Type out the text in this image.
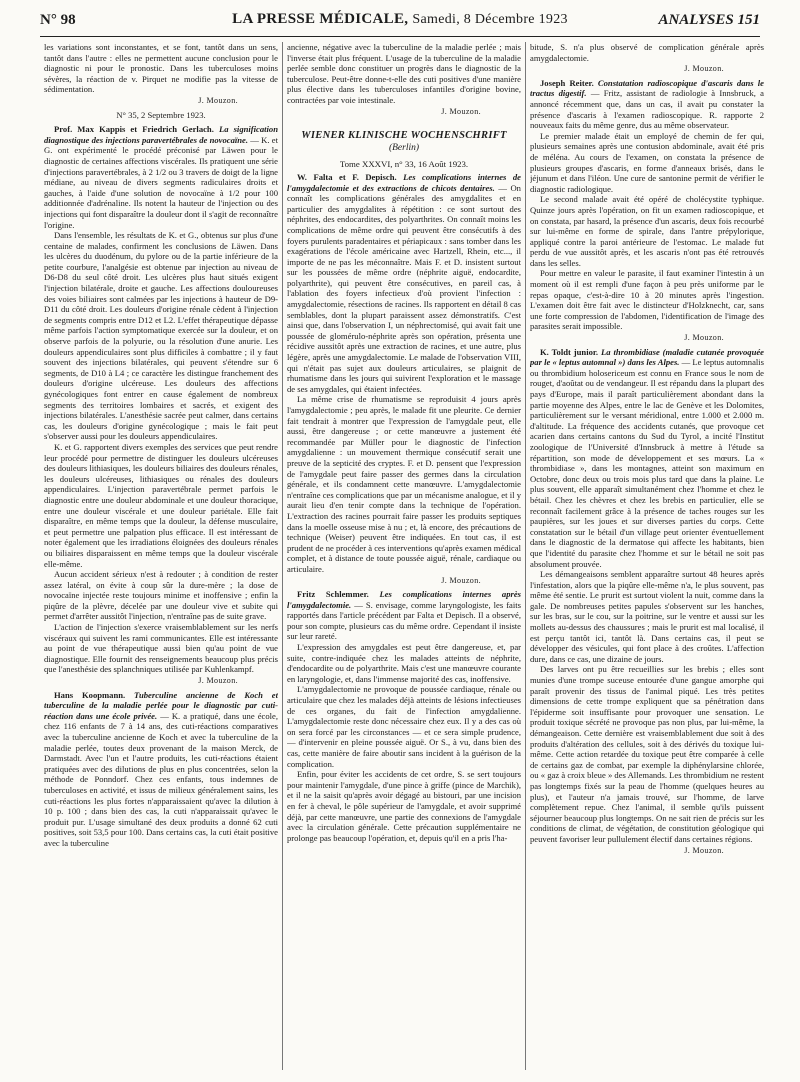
N° 98	LA PRESSE MÉDICALE, Samedi, 8 Décembre 1923	ANALYSES 151

les variations sont inconstantes, et se font, tantôt dans un sens, tantôt dans l'autre : elles ne permettent aucune conclusion pour le diagnostic ni pour le pronostic. Dans les tuberculoses moins sévères, la réaction de v. Pirquet ne modifie pas la vitesse de sédimentation.

J. Mouzon.
N° 35, 2 Septembre 1923.

Prof. Max Kappis et Friedrich Gerlach. La signification diagnostique des injections paravertébrales de novocaïne. — K. et G. ont expérimenté le procédé préconisé par Läwen pour le diagnostic de certaines affections viscérales. Ils pratiquent une série d'injections paravertébrales, à 2 1/2 ou 3 travers de doigt de la ligne médiane, au niveau de divers segments radiculaires droits et gauches, à l'aide d'une solution de novocaïne à 1/2 pour 100 additionnée d'adrénaline. Ils notent la hauteur de l'injection ou des injections qui font disparaître la douleur dont il s'agit de reconnaître l'origine.

Dans l'ensemble, les résultats de K. et G., obtenus sur plus d'une centaine de malades, confirment les conclusions de Läwen. Dans les ulcères du duodénum, du pylore ou de la partie inférieure de la petite courbure, l'analgésie est obtenue par injection au niveau de D6-D8 du seul côté droit. Les ulcères plus haut situés exigent l'injection bilatérale, droite et gauche. Les affections douloureuses des voies biliaires sont calmées par les injections à hauteur de D9-D11 du côté droit. Les douleurs d'origine rénale cèdent à l'injection de segments compris entre D12 et L2. L'effet thérapeutique dépasse même parfois l'action symptomatique exercée sur la douleur, et on observe parfois de la polyurie, ou la résolution d'une anurie. Les douleurs appendiculaires sont plus difficiles à combattre ; il y faut souvent des injections bilatérales, qui peuvent s'étendre sur 6 segments, de D10 à L4 ; ce caractère les distingue franchement des douleurs d'origine ulcéreuse. Les douleurs des affections gynécologiques font entrer en cause également de nombreux segments des territoires lombaires et sacrés, et exigent des injections bilatérales. L'anesthésie sacrée peut calmer, dans certains cas, les douleurs d'origine gynécologique ; mais le fait peut s'observer aussi pour les douleurs appendiculaires.

K. et G. rapportent divers exemples des services que peut rendre leur procédé pour permettre de distinguer les douleurs ulcéreuses des douleurs lithiasiques, les douleurs biliaires des douleurs rénales, les douleurs ulcéreuses, lithiasiques ou rénales des douleurs appendiculaires. L'injection paravertébrale permet parfois le diagnostic entre une douleur abdominale et une douleur thoracique, entre une douleur viscérale et une douleur pariétale. Elle fait disparaître, en même temps que la douleur, la défense musculaire, et peut permettre une palpation plus efficace. Il est intéressant de noter également que les irradiations éloignées des douleurs rénales ou biliaires disparaissent en même temps que la douleur viscérale elle-même.

Aucun accident sérieux n'est à redouter ; à condition de rester assez latéral, on évite à coup sûr la dure-mère ; la dose de novocaïne injectée reste toujours minime et inoffensive ; enfin la piqûre de la plèvre, décelée par une douleur vive et subite qui permet d'arrêter aussitôt l'injection, n'entraîne pas de suite grave.

L'action de l'injection s'exerce vraisemblablement sur les nerfs viscéraux qui suivent les rami communicantes. Elle est intéressante au point de vue thérapeutique aussi bien qu'au point de vue diagnostique. Elle fournit des renseignements beaucoup plus précis que l'anesthésie des splanchniques utilisée par Kuhlenkampf.

J. Mouzon.

Hans Koopmann. Tuberculine ancienne de Koch et tuberculine de la maladie perlée pour le diagnostic par cuti-réaction dans une école privée. — K. a pratiqué, dans une école, chez 116 enfants de 7 à 14 ans, des cuti-réactions comparatives avec la tuberculine ancienne de Koch et avec la tuberculine de la maladie perlée, toutes deux provenant de la maison Merck, de Darmstadt. Avec l'un et l'autre produits, les cuti-réactions étaient pratiquées avec des dilutions de plus en plus concentrées, selon la méthode de Ponndorf. Chez ces enfants, tous indemnes de tuberculoses en activité, et issus de milieux généralement sains, les cuti-réactions les plus fortes n'apparaissaient qu'avec la dilution à 10 p. 100 ; dans bien des cas, la cuti n'apparaissait qu'avec le produit pur. L'usage simultané des deux produits a donné 62 cuti positives, soit 53,5 pour 100. Dans certains cas, la cuti était positive avec la tuberculine

ancienne, négative avec la tuberculine de la maladie perlée ; mais l'inverse était plus fréquent. L'usage de la tuberculine de la maladie perlée semble donc constituer un progrès dans le diagnostic de la tuberculose. Peut-être donne-t-elle des cuti positives d'une manière plus élective dans les tuberculoses infantiles d'origine bovine, contractées par voie intestinale.

J. Mouzon.
WIENER KLINISCHE WOCHENSCHRIFT
(Berlin)
Tome XXXVI, n° 33, 16 Août 1923.

W. Falta et F. Depisch. Les complications internes de l'amygdalectomie et des extractions de chicots dentaires. — On connaît les complications générales des amygdalites et en particulier des amygdalites à répétition : ce sont surtout des néphrites, des endocardites, des polyarthrites. On connaît moins les complications de même ordre qui peuvent être consécutifs à des foyers purulents paradentaires et périapicaux : sans tomber dans les exagérations de l'école américaine avec Hartzell, Rhein, etc..., il importe de ne pas les méconnaître. Mais F. et D. insistent surtout sur les poussées de même ordre (néphrite aiguë, endocardite, polyarthrite), qui peuvent être consécutives, en pareil cas, à l'ablation des foyers infectieux d'où provient l'infection : amygdalectomie, résections de racines. Ils rapportent en détail 8 cas semblables, dont la plupart paraissent assez démonstratifs. C'est ainsi que, dans l'observation I, un néphrectomisé, qui avait fait une poussée de glomérulo-néphrite après son opération, présenta une récidive aussitôt après une extraction de racines, et une autre, plus légère, après une amygdalectomie. Le malade de l'observation VIII, qui n'était pas sujet aux douleurs articulaires, se plaignit de rhumatisme dans les jours qui suivirent l'exploration et le massage de ses amygdales, qui étaient infectées.

La même crise de rhumatisme se reproduisit 4 jours après l'amygdalectomie ; peu après, le malade fit une pleurite. Ce dernier fait tendrait à montrer que l'expression de l'amygdale peut, elle aussi, être dangereuse ; or cette manœuvre a justement été recommandée par Müller pour le diagnostic de l'infection amygdalienne : un mouvement thermique consécutif serait une preuve de la septicité des cryptes. F. et D. pensent que l'expression de l'amygdale peut faire passer des germes dans la circulation générale, et ils condamnent cette manœuvre. L'amygdalectomie n'entraîne ces complications que par un mécanisme analogue, et il y aurait lieu d'en tenir compte dans la technique de l'opération. L'extraction des racines pourrait faire passer les produits septiques dans la moelle osseuse mise à nu ; et, là encore, des précautions de technique (Weiser) peuvent être indiquées. En tout cas, il est prudent de ne procéder à ces interventions qu'après examen médical complet, et à distance de toute poussée aiguë, rénale, cardiaque ou articulaire.

J. Mouzon.

Fritz Schlemmer. Les complications internes après l'amygdalectomie. — S. envisage, comme laryngologiste, les faits rapportés dans l'article précédent par Falta et Depisch. Il a observé, pour son compte, plusieurs cas du même ordre. Cependant il insiste sur leur rareté.

L'expression des amygdales est peut être dangereuse, et, par suite, contre-indiquée chez les malades atteints de néphrite, d'endocardite ou de polyarthrite. Mais c'est une manœuvre courante en laryngologie, et, dans l'immense majorité des cas, inoffensive.

L'amygdalectomie ne provoque de poussée cardiaque, rénale ou articulaire que chez les malades déjà atteints de lésions infectieuses de ces organes, du fait de l'infection amygdalienne. L'amygdalectomie reste donc nécessaire chez eux. Il y a des cas où on sera forcé par les circonstances — et ce sera simple prudence, — d'intervenir en pleine poussée aiguë. Or S., à vu, dans bien des cas, cette manière de faire aboutir sans incident à la guérison de la complication.

Enfin, pour éviter les accidents de cet ordre, S. se sert toujours pour maintenir l'amygdale, d'une pince à griffe (pince de Marchik), et il ne la saisit qu'après avoir dégagé au bistouri, par une incision en fer à cheval, le pôle supérieur de l'amygdale, et avoir supprimé déjà, par cette manœuvre, une partie des connexions de l'amygdale avec la circulation générale. Cette précaution supplémentaire ne prolonge pas beaucoup l'opération, et, depuis qu'il en a pris l'ha-

bitude, S. n'a plus observé de complication générale après amygdalectomie.

J. Mouzon.

Joseph Reiter. Constatation radioscopique d'ascaris dans le tractus digestif. — Fritz, assistant de radiologie à Innsbruck, a annoncé récemment que, dans un cas, il avait pu constater la présence d'ascaris à l'examen radioscopique. R. rapporte 2 nouveaux faits du même genre, dus au même observateur.

Le premier malade était un employé de chemin de fer qui, plusieurs semaines après une contusion abdominale, avait été pris de méléna. Au cours de l'examen, on constata la présence de plusieurs groupes d'ascaris, en forme d'anneaux brisés, dans le jéjunum et dans l'iléon. Une cure de santonine permit de vérifier le diagnostic radiologique.

Le second malade avait été opéré de cholécystite typhique. Quinze jours après l'opération, on fit un examen radioscopique, et on constata, par hasard, la présence d'un ascaris, deux fois recourbé sur lui-même en forme de spirale, dans l'antre prépylorique, appliqué contre la paroi antérieure de l'estomac. Le malade fut perdu de vue aussitôt après, et les ascaris n'ont pas été retrouvés dans les selles.

Pour mettre en valeur le parasite, il faut examiner l'intestin à un moment où il est rempli d'une façon à peu près uniforme par le repas opaque, c'est-à-dire 10 à 20 minutes après l'ingestion. L'examen doit être fait avec le distincteur d'Holzknecht, car, sans une forte compression de l'abdomen, l'identification de l'image des parasites serait impossible.

J. Mouzon.

K. Toldt junior. La thrombidiase (maladie cutanée provoquée par le « leptus automnal ») dans les Alpes. — Le leptus automnalis ou thrombidium holosericeum est connu en France sous le nom de rouget, d'aoûtat ou de vendangeur. Il est répandu dans la plupart des pays d'Europe, mais il paraît particulièrement abondant dans la partie moyenne des Alpes, entre le lac de Genève et les Dolomites, particulièrement sur le versant méridional, entre 1.000 et 2.000 m. d'altitude. La fréquence des accidents cutanés, que provoque cet acarien dans certains cantons du Sud du Tyrol, a incité l'Institut zoologique de l'Université d'Innsbruck à mettre à l'étude sa répartition, son mode de développement et ses mœurs. La « thrombidiase », dans les montagnes, atteint son maximum en Octobre, donc deux ou trois mois plus tard que dans la plaine. Le plus souvent, elle apparaît simultanément chez l'homme et chez le bétail. Chez les chèvres et chez les brebis en particulier, elle se reconnaît facilement grâce à la présence de taches rouges sur les paupières, sur les joues et sur diverses parties du corps. Cette constatation sur le bétail d'un village peut orienter éventuellement dans le diagnostic de la dermatose qui affecte les habitants, bien que l'identité du parasite chez l'homme et sur le bétail ne soit pas absolument prouvée.

Les démangeaisons semblent apparaître surtout 48 heures après l'infestation, alors que la piqûre elle-même n'a, le plus souvent, pas même été sentie. Le prurit est surtout violent la nuit, comme dans la gale. De nombreuses petites papules s'observent sur les hanches, sur les bras, sur le cou, sur la poitrine, sur le ventre et aussi sur les mollets au-dessus des chaussures ; mais le prurit est mal localisé, il est perçu tantôt ici, tantôt là. Dans certains cas, il peut se développer des vésicules, qui font place à des croûtes. L'affection dure, dans ce cas, une dizaine de jours.

Des larves ont pu être recueillies sur les brebis ; elles sont munies d'une trompe suceuse entourée d'une gangue amorphe qui paraît provenir des tissus de l'animal piqué. Les très petites dimensions de cette trompe expliquent que sa pénétration dans l'épiderme soit insuffisante pour provoquer une sensation. Le produit toxique sécrété ne provoque pas non plus, par lui-même, la démangeaison. Cette dernière est vraisemblablement due soit à des produits d'altération des cellules, soit à des dérivés du toxique lui-même. Cette action retardée du toxique peut être comparée à celle de certains gaz de combat, par exemple la diphénylarsine chlorée, ou « gaz à croix bleue » des Allemands. Les thrombidium ne restent pas longtemps fixés sur la peau de l'homme (quelques heures au plus), et l'auteur n'a jamais trouvé, sur l'homme, de larve complètement repue. Chez l'animal, il semble qu'ils puissent séjourner beaucoup plus longtemps. On ne sait rien de précis sur les conditions de climat, de végétation, de constitution géologique qui peuvent favoriser leur pullulement électif dans certaines régions.

J. Mouzon.
